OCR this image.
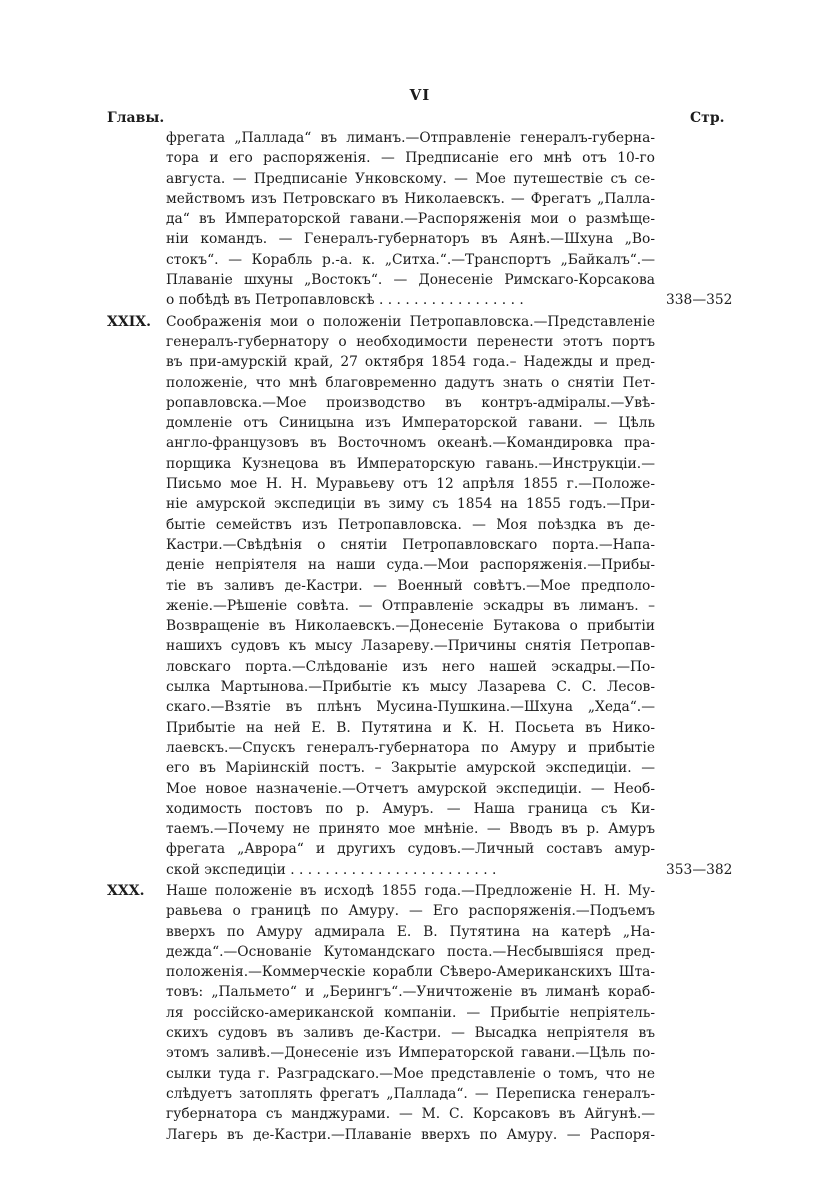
VI
Главы.	Стр.
фрегата „Паллада“ въ лиманъ.—Отправленіе генералъ-губерна-
тора и его распоряженія. — Предписаніе его мнѣ отъ 10-го
августа. — Предписаніе Унковскому. — Мое путешествіе съ се-
мействомъ изъ Петровскаго въ Николаевскъ. — Фрегатъ „Палла-
да“ въ Императорской гавани.—Распоряженія мои о размѣще-
ніи командъ. — Генералъ-губернаторъ въ Аянѣ.—Шхуна „Во-
стокъ“. — Корабль р.-а. к. „Ситха.“.—Транспортъ „Байкалъ“.—
Плаваніе шхуны „Востокъ“. — Донесеніе Римскаго-Корсакова
о побѣдѣ въ Петропавловскѣ . . . . . . . . . . . . . . . . .	338—352
XXIX. Соображенія мои о положеніи Петропавловска.—Представленіе
генералъ-губернатору о необходимости перенести этотъ портъ
въ при-амурскій край, 27 октября 1854 года.– Надежды и пред-
положеніе, что мнѣ благовременно дадутъ знать о снятіи Пет-
ропавловска.—Мое производство въ контръ-адміралы.—Увѣ-
домленіе отъ Синицына изъ Императорской гавани. — Цѣль
англо-французовъ въ Восточномъ океанѣ.—Командировка пра-
порщика Кузнецова въ Императорскую гавань.—Инструкціи.—
Письмо мое Н. Н. Муравьеву отъ 12 апрѣля 1855 г.—Положе-
ніе амурской экспедиціи въ зиму съ 1854 на 1855 годъ.—При-
бытіе семействъ изъ Петропавловска. — Моя поѣздка въ де-
Кастри.—Свѣдѣнія о снятіи Петропавловскаго порта.—Напа-
деніе непріятеля на наши суда.—Мои распоряженія.—Прибы-
тіе въ заливъ де-Кастри. — Военный совѣтъ.—Мое предполо-
женіе.—Рѣшеніе совѣта. — Отправленіе эскадры въ лиманъ. –
Возвращеніе въ Николаевскъ.—Донесеніе Бутакова о прибытіи
нашихъ судовъ къ мысу Лазареву.—Причины снятія Петропав-
ловскаго порта.—Слѣдованіе изъ него нашей эскадры.—По-
сылка Мартынова.—Прибытіе къ мысу Лазарева С. С. Лесов-
скаго.—Взятіе въ плѣнъ Мусина-Пушкина.—Шхуна „Хеда“.—
Прибытіе на ней Е. В. Путятина и К. Н. Посьета въ Нико-
лаевскъ.—Спускъ генералъ-губернатора по Амуру и прибытіе
его въ Маріинскій постъ. – Закрытіе амурской экспедиціи. —
Мое новое назначеніе.—Отчетъ амурской экспедиціи. — Необ-
ходимость постовъ по р. Амуръ. — Наша граница съ Ки-
таемъ.—Почему не принято мое мнѣніе. — Вводъ въ р. Амуръ
фрегата „Аврора“ и другихъ судовъ.—Личный составъ амур-
ской экспедиціи . . . . . . . . . . . . . . . . . . . . . . . .	353—382
XXX. Наше положеніе въ исходѣ 1855 года.—Предложеніе Н. Н. Му-
равьева о границѣ по Амуру. — Его распоряженія.—Подъемъ
вверхъ по Амуру адмирала Е. В. Путятина на катерѣ „На-
дежда“.—Основаніе Кутомандскаго поста.—Несбывшіяся пред-
положенія.—Коммерческіе корабли Сѣверо-Американскихъ Шта-
товъ: „Пальмето“ и „Берингъ“.—Уничтоженіе въ лиманѣ кораб-
ля россійско-американской компаніи. — Прибытіе непріятель-
скихъ судовъ въ заливъ де-Кастри. — Высадка непріятеля въ
этомъ заливѣ.—Донесеніе изъ Императорской гавани.—Цѣль по-
сылки туда г. Разградскаго.—Мое представленіе о томъ, что не
слѣдуетъ затоплять фрегатъ „Паллада“. — Переписка генералъ-
губернатора съ манджурами. — М. С. Корсаковъ въ Айгунѣ.—
Лагерь въ де-Кастри.—Плаваніе вверхъ по Амуру. — Распоря-
